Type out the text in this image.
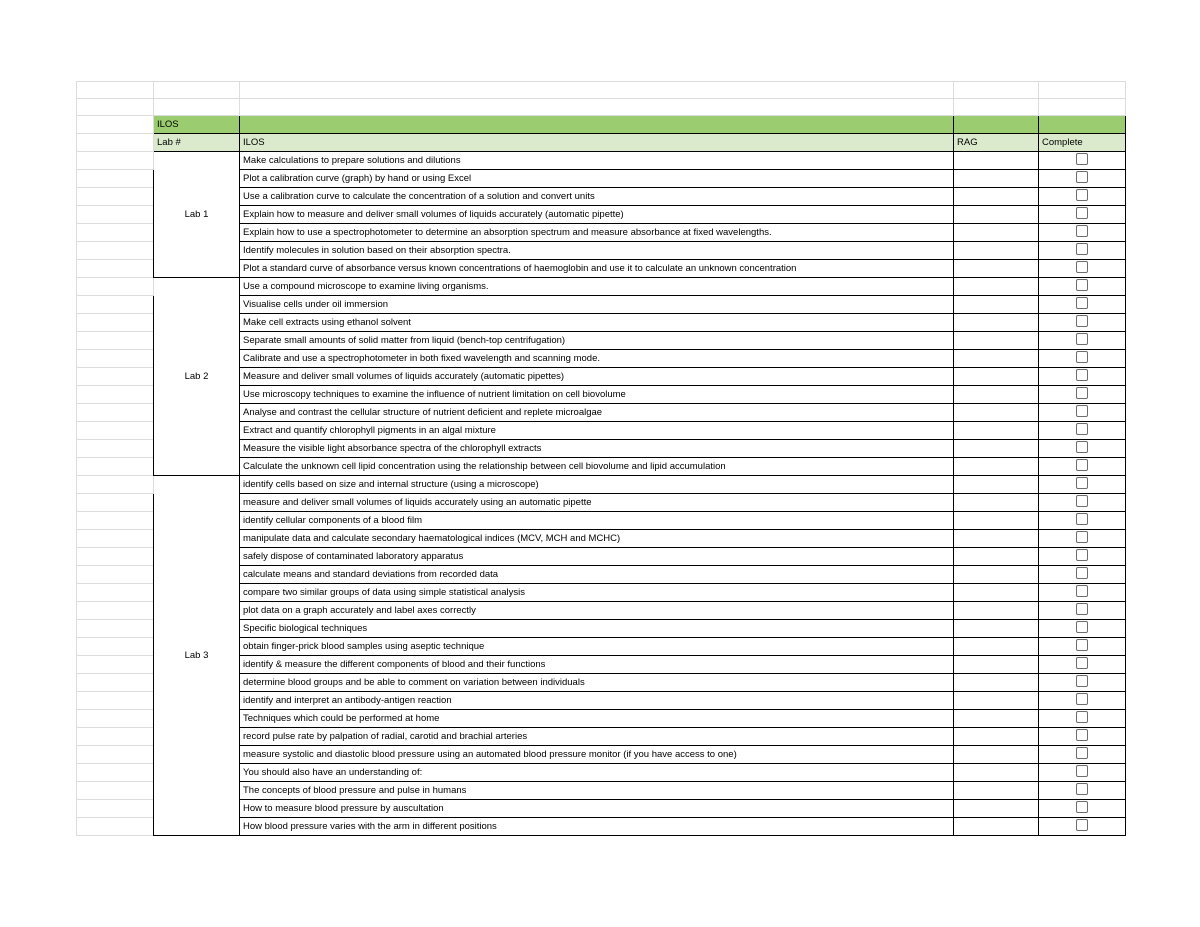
	ILOS			
	Lab #	ILOS	RAG	Complete
	Lab 1	Make calculations to prepare solutions and dilutions		
		Plot a calibration curve (graph) by hand or using Excel		
		Use a calibration curve to calculate the concentration of a solution and convert units		
		Explain how to measure and deliver small volumes of liquids accurately (automatic pipette)		
		Explain how to use a spectrophotometer to determine an absorption spectrum and measure absorbance at fixed wavelengths.		
		Identify molecules in solution based on their absorption spectra.		
		Plot a standard curve of absorbance versus known concentrations of haemoglobin and use it to calculate an unknown concentration		
	Lab 2	Use a compound microscope to examine living organisms.		
		Visualise cells under oil immersion		
		Make cell extracts using ethanol solvent		
		Separate small amounts of solid matter from liquid (bench-top centrifugation)		
		Calibrate and use a spectrophotometer in both fixed wavelength and scanning mode.		
		Measure and deliver small volumes of liquids accurately (automatic pipettes)		
		Use microscopy techniques to examine the influence of nutrient limitation on cell biovolume		
		Analyse and contrast the cellular structure of nutrient deficient and replete microalgae		
		Extract and quantify chlorophyll pigments in an algal mixture		
		Measure the visible light absorbance spectra of the chlorophyll extracts		
		Calculate the unknown cell lipid concentration using the relationship between cell biovolume and lipid accumulation		
	Lab 3	identify cells based on size and internal structure (using a microscope)		
		measure and deliver small volumes of liquids accurately using an automatic pipette		
		identify cellular components of a blood film		
		manipulate data and calculate secondary haematological indices (MCV, MCH and MCHC)		
		safely dispose of contaminated laboratory apparatus		
		calculate means and standard deviations from recorded data		
		compare two similar groups of data using simple statistical analysis		
		plot data on a graph accurately and label axes correctly		
		Specific biological techniques		
		obtain finger-prick blood samples using aseptic technique		
		identify & measure the different components of blood and their functions		
		determine blood groups and be able to comment on variation between individuals		
		identify and interpret an antibody-antigen reaction		
		Techniques which could be performed at home		
		record pulse rate by palpation of radial, carotid and brachial arteries		
		measure systolic and diastolic blood pressure using an automated blood pressure monitor (if you have access to one)		
		You should also have an understanding of:		
		The concepts of blood pressure and pulse in humans		
		How to measure blood pressure by auscultation		
		How blood pressure varies with the arm in different positions		
